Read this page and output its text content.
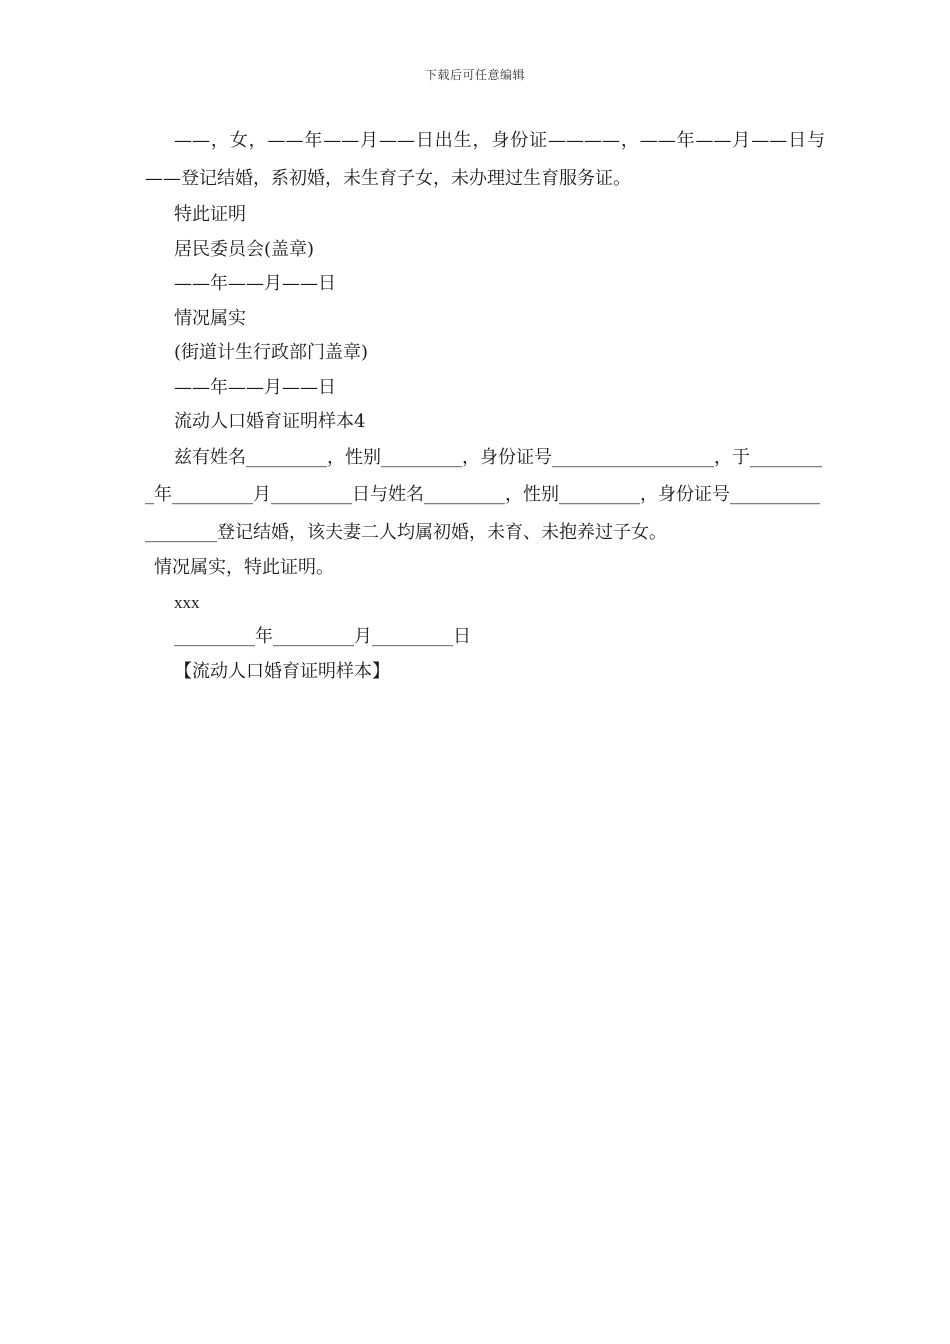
下载后可任意编辑

——，女，——年——月——日出生，身份证————，——年——月——日与——登记结婚，系初婚，未生育子女，未办理过生育服务证。

特此证明

居民委员会(盖章)

——年——月——日

情况属实

(街道计生行政部门盖章)

——年——月——日

流动人口婚育证明样本4

兹有姓名_________，性别_________，身份证号__________________，于_________年_________月_________日与姓名_________，性别_________，身份证号__________________登记结婚，该夫妻二人均属初婚，未育、未抱养过子女。

情况属实，特此证明。

xxx

_________年_________月_________日

【流动人口婚育证明样本】
